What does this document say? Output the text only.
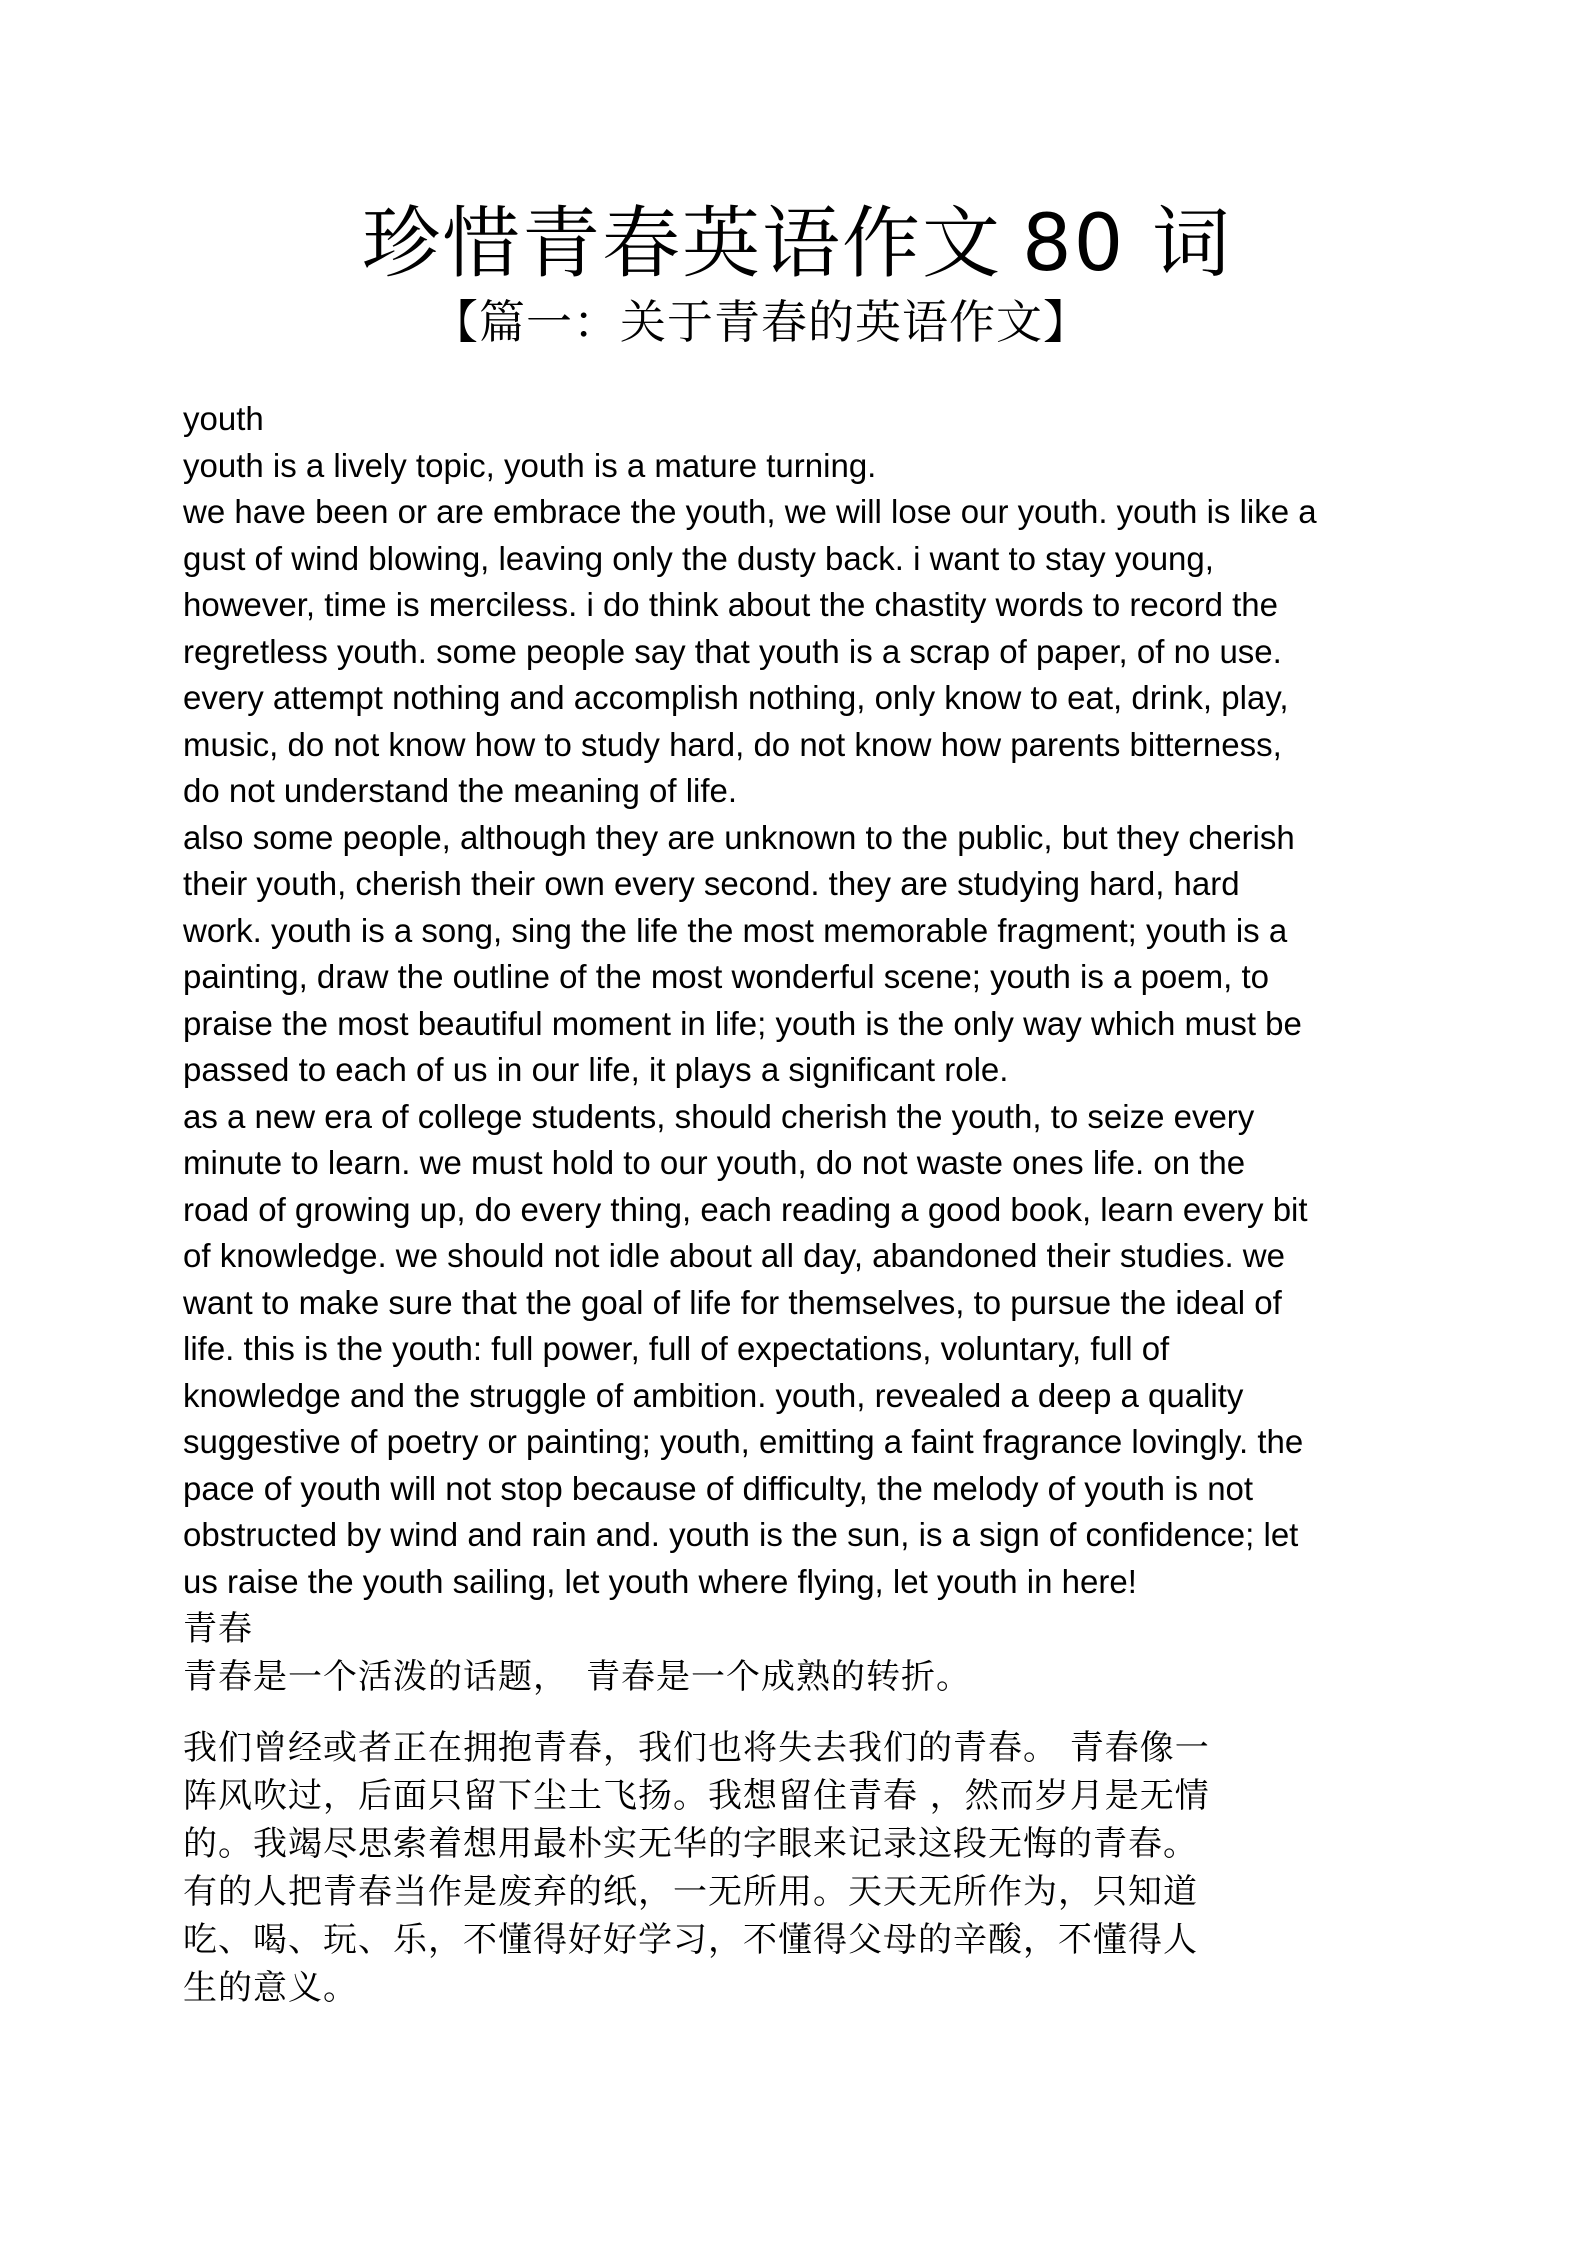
珍惜青春英语作文 80 词
【篇一：关于青春的英语作文】
youth
youth is a lively topic, youth is a mature turning.
we have been or are embrace the youth, we will lose our youth. youth is like a
gust of wind blowing, leaving only the dusty back. i want to stay young,
however, time is merciless. i do think about the chastity words to record the
regretless youth. some people say that youth is a scrap of paper, of no use.
every attempt nothing and accomplish nothing, only know to eat, drink, play,
music, do not know how to study hard, do not know how parents bitterness,
do not understand the meaning of life.
also some people, although they are unknown to the public, but they cherish
their youth, cherish their own every second. they are studying hard, hard
work. youth is a song, sing the life the most memorable fragment; youth is a
painting, draw the outline of the most wonderful scene; youth is a poem, to
praise the most beautiful moment in life; youth is the only way which must be
passed to each of us in our life, it plays a significant role.
as a new era of college students, should cherish the youth, to seize every
minute to learn. we must hold to our youth, do not waste ones life. on the
road of growing up, do every thing, each reading a good book, learn every bit
of knowledge. we should not idle about all day, abandoned their studies. we
want to make sure that the goal of life for themselves, to pursue the ideal of
life. this is the youth: full power, full of expectations, voluntary, full of
knowledge and the struggle of ambition. youth, revealed a deep a quality
suggestive of poetry or painting; youth, emitting a faint fragrance lovingly. the
pace of youth will not stop because of difficulty, the melody of youth is not
obstructed by wind and rain and. youth is the sun, is a sign of confidence; let
us raise the youth sailing, let youth where flying, let youth in here!
青春
青春是一个活泼的话题，　青春是一个成熟的转折。
我们曾经或者正在拥抱青春，我们也将失去我们的青春。 青春像一
阵风吹过，后面只留下尘土飞扬。我想留住青春 ，然而岁月是无情
的。我竭尽思索着想用最朴实无华的字眼来记录这段无悔的青春。
有的人把青春当作是废弃的纸，一无所用。天天无所作为，只知道
吃、喝、玩、乐，不懂得好好学习，不懂得父母的辛酸，不懂得人
生的意义。
